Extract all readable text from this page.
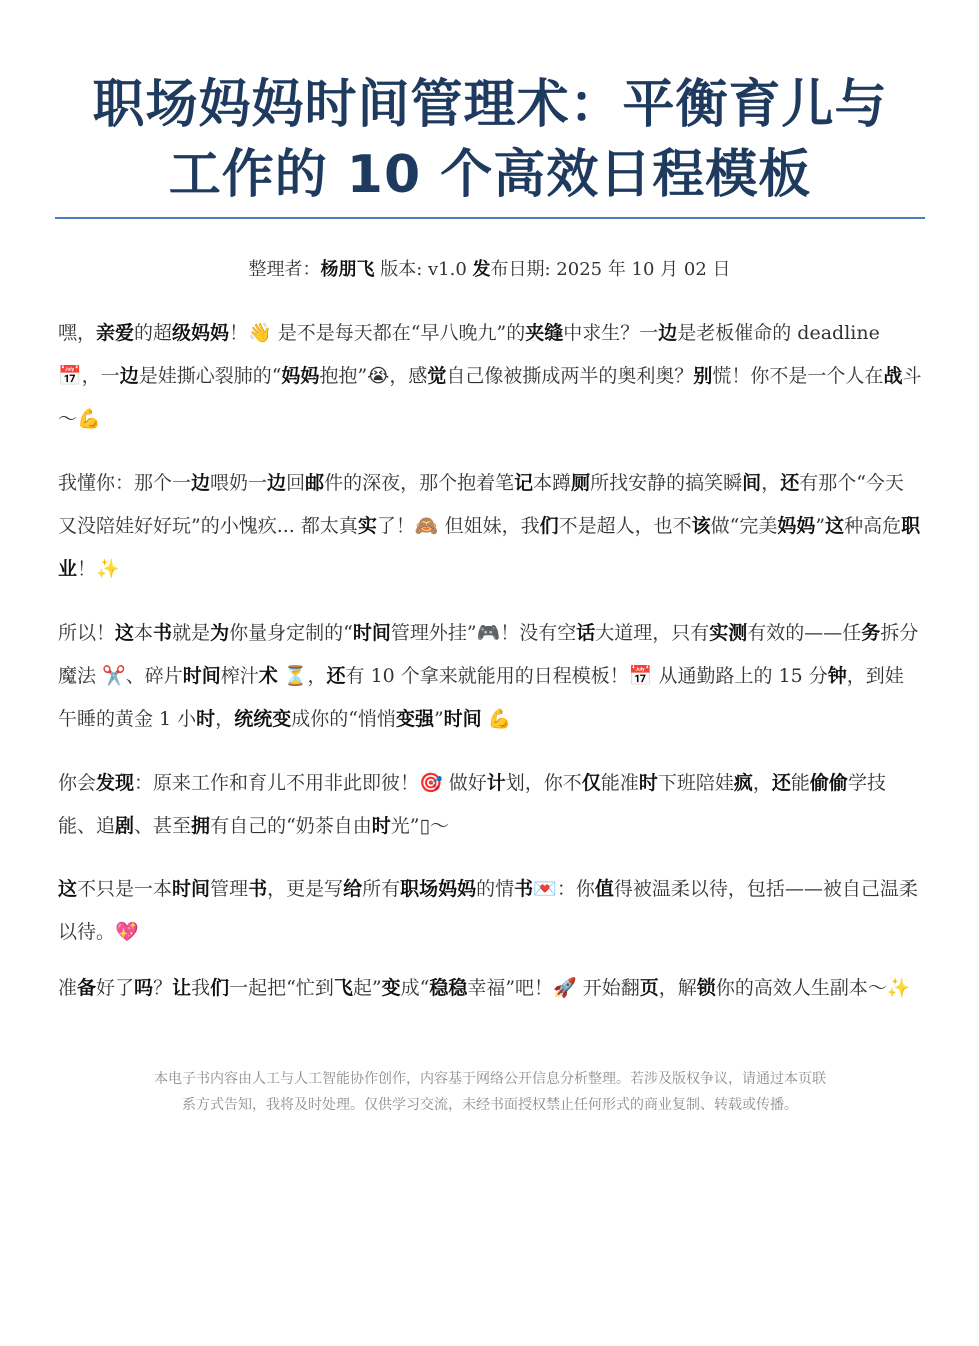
职场妈妈时间管理术：平衡育儿与
工作的 10 个高效日程模板
整理者：杨朋飞 版本: v1.0 发布日期: 2025 年 10 月 02 日

嘿，亲爱的超级妈妈！👋 是不是每天都在“早八晚九”的夹缝中求生？一边是老板催命的 deadline 📅，一边是娃撕心裂肺的“妈妈抱抱”😭，感觉自己像被撕成两半的奥利奥？别慌！你不是一个人在战斗～💪

我懂你：那个一边喂奶一边回邮件的深夜，那个抱着笔记本蹲厕所找安静的搞笑瞬间，还有那个“今天又没陪娃好好玩”的小愧疚... 都太真实了！🙈 但姐妹，我们不是超人，也不该做“完美妈妈”这种高危职业！✨

所以！这本书就是为你量身定制的“时间管理外挂”🎮！没有空话大道理，只有实测有效的——任务拆分魔法 ✂️、碎片时间榨汁术 ⏳，还有 10 个拿来就能用的日程模板！📅 从通勤路上的 15 分钟，到娃午睡的黄金 1 小时，统统变成你的“悄悄变强”时间 💪

你会发现：原来工作和育儿不用非此即彼！🎯 做好计划，你不仅能准时下班陪娃疯，还能偷偷学技能、追剧、甚至拥有自己的“奶茶自由时光”▯～

这不只是一本时间管理书，更是写给所有职场妈妈的情书💌：你值得被温柔以待，包括——被自己温柔以待。💖

准备好了吗？让我们一起把“忙到飞起”变成“稳稳幸福”吧！🚀 开始翻页，解锁你的高效人生副本～✨

本电子书内容由人工与人工智能协作创作，内容基于网络公开信息分析整理。若涉及版权争议，请通过本页联
系方式告知，我将及时处理。仅供学习交流，未经书面授权禁止任何形式的商业复制、转载或传播。
